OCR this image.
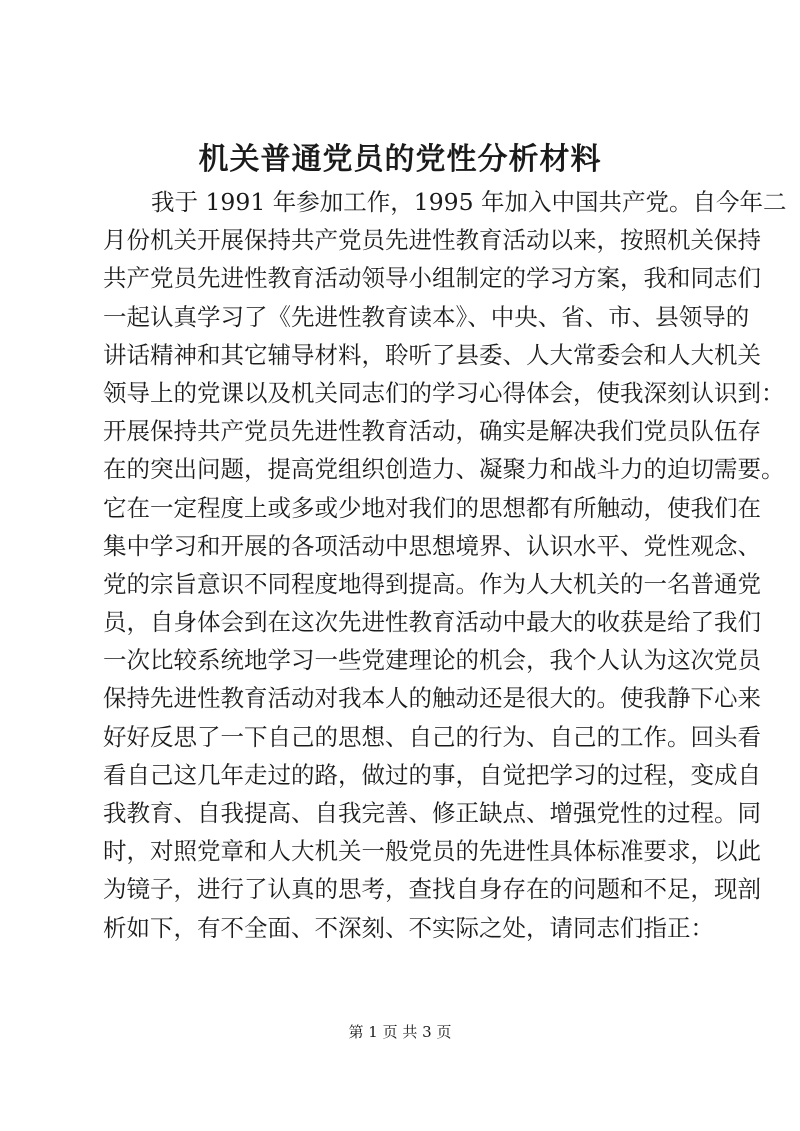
机关普通党员的党性分析材料
我于 1991 年参加工作，1995 年加入中国共产党。自今年二
月份机关开展保持共产党员先进性教育活动以来，按照机关保持
共产党员先进性教育活动领导小组制定的学习方案，我和同志们
一起认真学习了《先进性教育读本》、中央、省、市、县领导的
讲话精神和其它辅导材料，聆听了县委、人大常委会和人大机关
领导上的党课以及机关同志们的学习心得体会，使我深刻认识到：
开展保持共产党员先进性教育活动，确实是解决我们党员队伍存
在的突出问题，提高党组织创造力、凝聚力和战斗力的迫切需要。
它在一定程度上或多或少地对我们的思想都有所触动，使我们在
集中学习和开展的各项活动中思想境界、认识水平、党性观念、
党的宗旨意识不同程度地得到提高。作为人大机关的一名普通党
员，自身体会到在这次先进性教育活动中最大的收获是给了我们
一次比较系统地学习一些党建理论的机会，我个人认为这次党员
保持先进性教育活动对我本人的触动还是很大的。使我静下心来
好好反思了一下自己的思想、自己的行为、自己的工作。回头看
看自己这几年走过的路，做过的事，自觉把学习的过程，变成自
我教育、自我提高、自我完善、修正缺点、增强党性的过程。同
时，对照党章和人大机关一般党员的先进性具体标准要求，以此
为镜子，进行了认真的思考，查找自身存在的问题和不足，现剖
析如下，有不全面、不深刻、不实际之处，请同志们指正：
第 1 页 共 3 页
